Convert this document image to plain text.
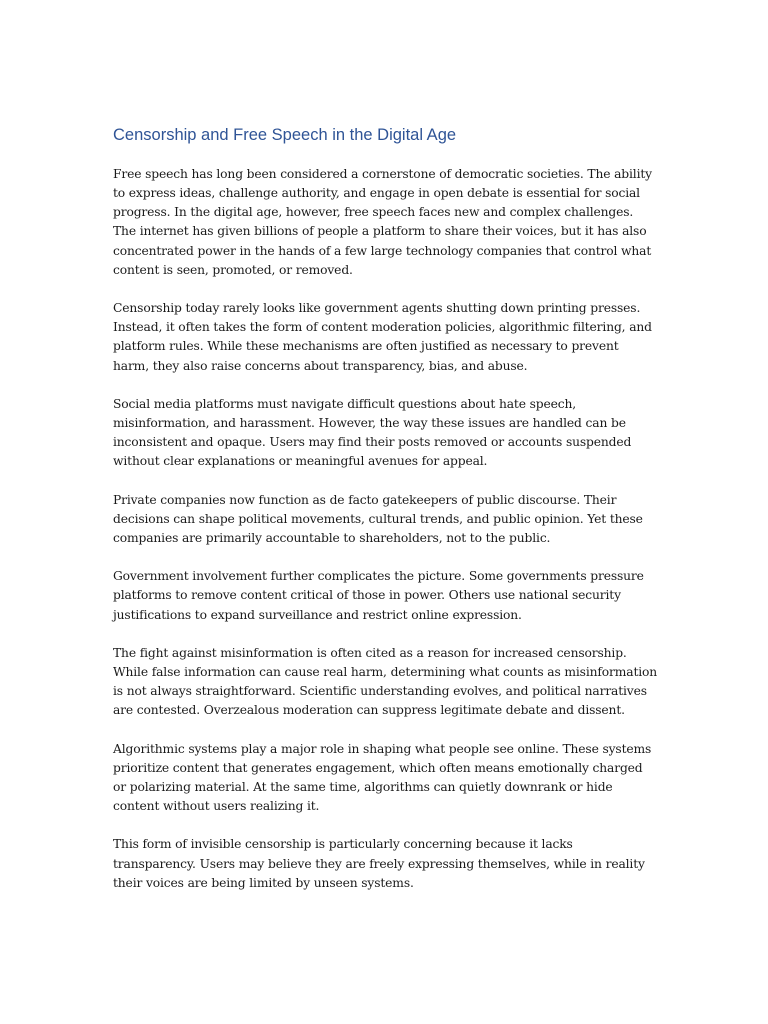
Censorship and Free Speech in the Digital Age

Free speech has long been considered a cornerstone of democratic societies. The ability to express ideas, challenge authority, and engage in open debate is essential for social progress. In the digital age, however, free speech faces new and complex challenges. The internet has given billions of people a platform to share their voices, but it has also concentrated power in the hands of a few large technology companies that control what content is seen, promoted, or removed.

Censorship today rarely looks like government agents shutting down printing presses. Instead, it often takes the form of content moderation policies, algorithmic filtering, and platform rules. While these mechanisms are often justified as necessary to prevent harm, they also raise concerns about transparency, bias, and abuse.

Social media platforms must navigate difficult questions about hate speech, misinformation, and harassment. However, the way these issues are handled can be inconsistent and opaque. Users may find their posts removed or accounts suspended without clear explanations or meaningful avenues for appeal.

Private companies now function as de facto gatekeepers of public discourse. Their decisions can shape political movements, cultural trends, and public opinion. Yet these companies are primarily accountable to shareholders, not to the public.

Government involvement further complicates the picture. Some governments pressure platforms to remove content critical of those in power. Others use national security justifications to expand surveillance and restrict online expression.

The fight against misinformation is often cited as a reason for increased censorship. While false information can cause real harm, determining what counts as misinformation is not always straightforward. Scientific understanding evolves, and political narratives are contested. Overzealous moderation can suppress legitimate debate and dissent.

Algorithmic systems play a major role in shaping what people see online. These systems prioritize content that generates engagement, which often means emotionally charged or polarizing material. At the same time, algorithms can quietly downrank or hide content without users realizing it.

This form of invisible censorship is particularly concerning because it lacks transparency. Users may believe they are freely expressing themselves, while in reality their voices are being limited by unseen systems.
